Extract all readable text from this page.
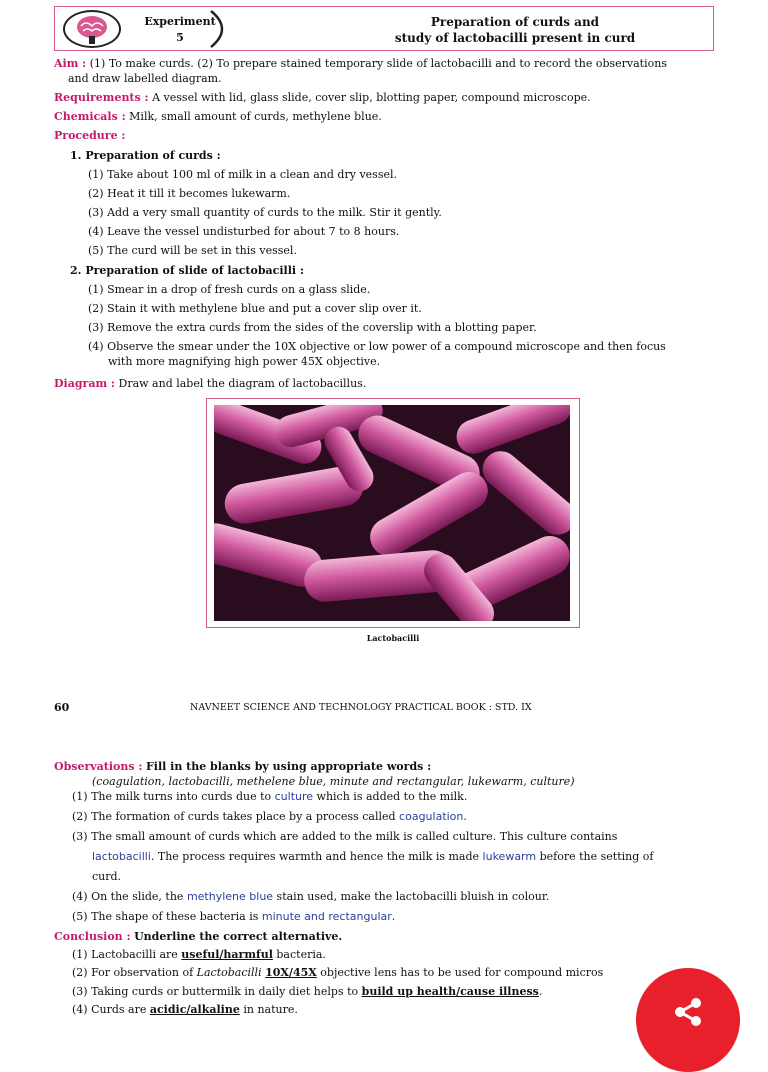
Experiment
5
Preparation of curds and
study of lactobacilli present in curd
Aim : (1) To make curds. (2) To prepare stained temporary slide of lactobacilli and to record the observations
and draw labelled diagram.
Requirements : A vessel with lid, glass slide, cover slip, blotting paper, compound microscope.
Chemicals : Milk, small amount of curds, methylene blue.
Procedure :
1. Preparation of curds :
(1) Take about 100 ml of milk in a clean and dry vessel.
(2) Heat it till it becomes lukewarm.
(3) Add a very small quantity of curds to the milk. Stir it gently.
(4) Leave the vessel undisturbed for about 7 to 8 hours.
(5) The curd will be set in this vessel.
2. Preparation of slide of lactobacilli :
(1) Smear in a drop of fresh curds on a glass slide.
(2) Stain it with methylene blue and put a cover slip over it.
(3) Remove the extra curds from the sides of the coverslip with a blotting paper.
(4) Observe the smear under the 10X objective or low power of a compound microscope and then focus
with more magnifying high power 45X objective.
Diagram : Draw and label the diagram of lactobacillus.
Lactobacilli
60	NAVNEET SCIENCE AND TECHNOLOGY PRACTICAL BOOK : STD. IX
Observations : Fill in the blanks by using appropriate words :
(coagulation, lactobacilli, methelene blue, minute and rectangular, lukewarm, culture)
(1) The milk turns into curds due to culture which is added to the milk.
(2) The formation of curds takes place by a process called coagulation.
(3) The small amount of curds which are added to the milk is called culture. This culture contains
lactobacilli. The process requires warmth and hence the milk is made lukewarm before the setting of
curd.
(4) On the slide, the methylene blue stain used, make the lactobacilli bluish in colour.
(5) The shape of these bacteria is minute and rectangular.
Conclusion : Underline the correct alternative.
(1) Lactobacilli are useful/harmful bacteria.
(2) For observation of Lactobacilli 10X/45X objective lens has to be used for compound micros
(3) Taking curds or buttermilk in daily diet helps to build up health/cause illness.
(4) Curds are acidic/alkaline in nature.
